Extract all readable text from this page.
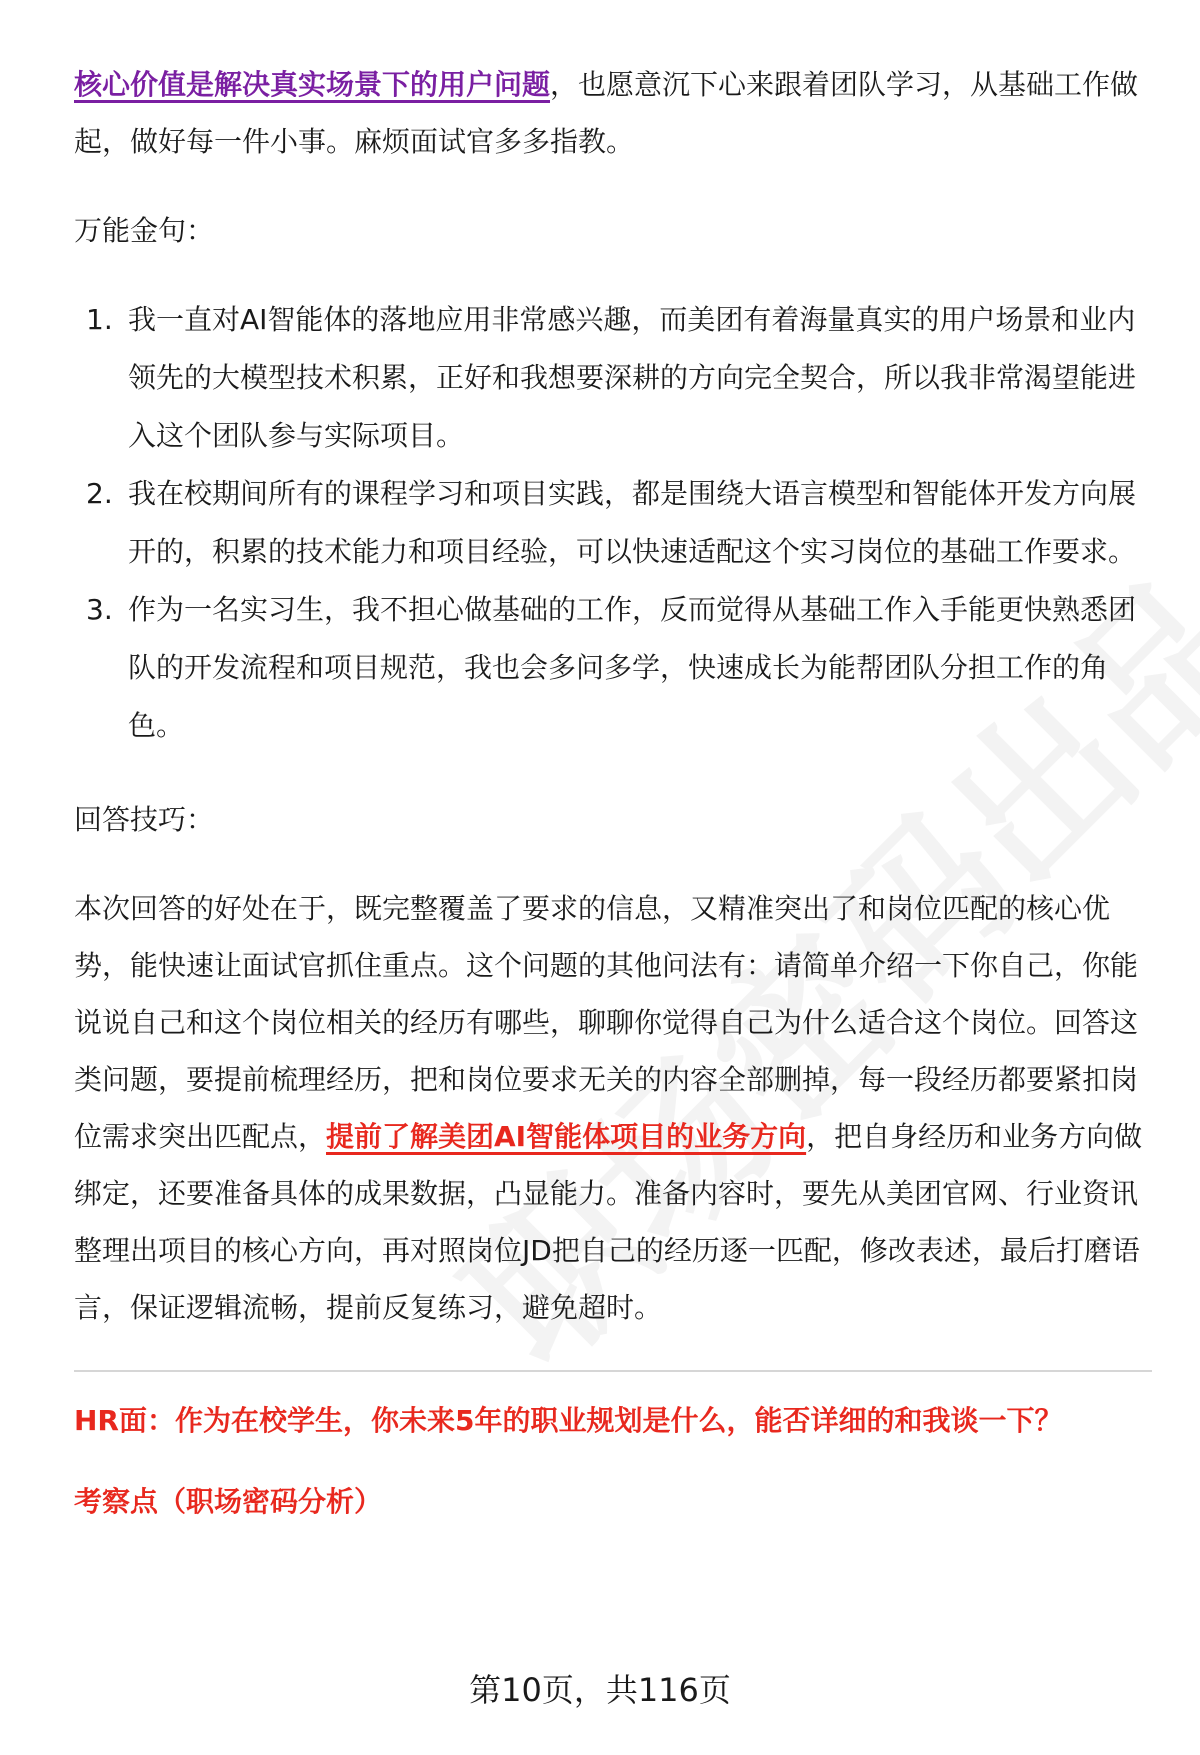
核心价值是解决真实场景下的用户问题，也愿意沉下心来跟着团队学习，从基础工作做起，做好每一件小事。麻烦面试官多多指教。

万能金句：

1. 我一直对AI智能体的落地应用非常感兴趣，而美团有着海量真实的用户场景和业内领先的大模型技术积累，正好和我想要深耕的方向完全契合，所以我非常渴望能进入这个团队参与实际项目。
2. 我在校期间所有的课程学习和项目实践，都是围绕大语言模型和智能体开发方向展开的，积累的技术能力和项目经验，可以快速适配这个实习岗位的基础工作要求。
3. 作为一名实习生，我不担心做基础的工作，反而觉得从基础工作入手能更快熟悉团队的开发流程和项目规范，我也会多问多学，快速成长为能帮团队分担工作的角色。

回答技巧：

本次回答的好处在于，既完整覆盖了要求的信息，又精准突出了和岗位匹配的核心优势，能快速让面试官抓住重点。这个问题的其他问法有：请简单介绍一下你自己，你能说说自己和这个岗位相关的经历有哪些，聊聊你觉得自己为什么适合这个岗位。回答这类问题，要提前梳理经历，把和岗位要求无关的内容全部删掉，每一段经历都要紧扣岗位需求突出匹配点，提前了解美团AI智能体项目的业务方向，把自身经历和业务方向做绑定，还要准备具体的成果数据，凸显能力。准备内容时，要先从美团官网、行业资讯整理出项目的核心方向，再对照岗位JD把自己的经历逐一匹配，修改表述，最后打磨语言，保证逻辑流畅，提前反复练习，避免超时。

HR面：作为在校学生，你未来5年的职业规划是什么，能否详细的和我谈一下？

考察点（职场密码分析）

第10页，共116页
